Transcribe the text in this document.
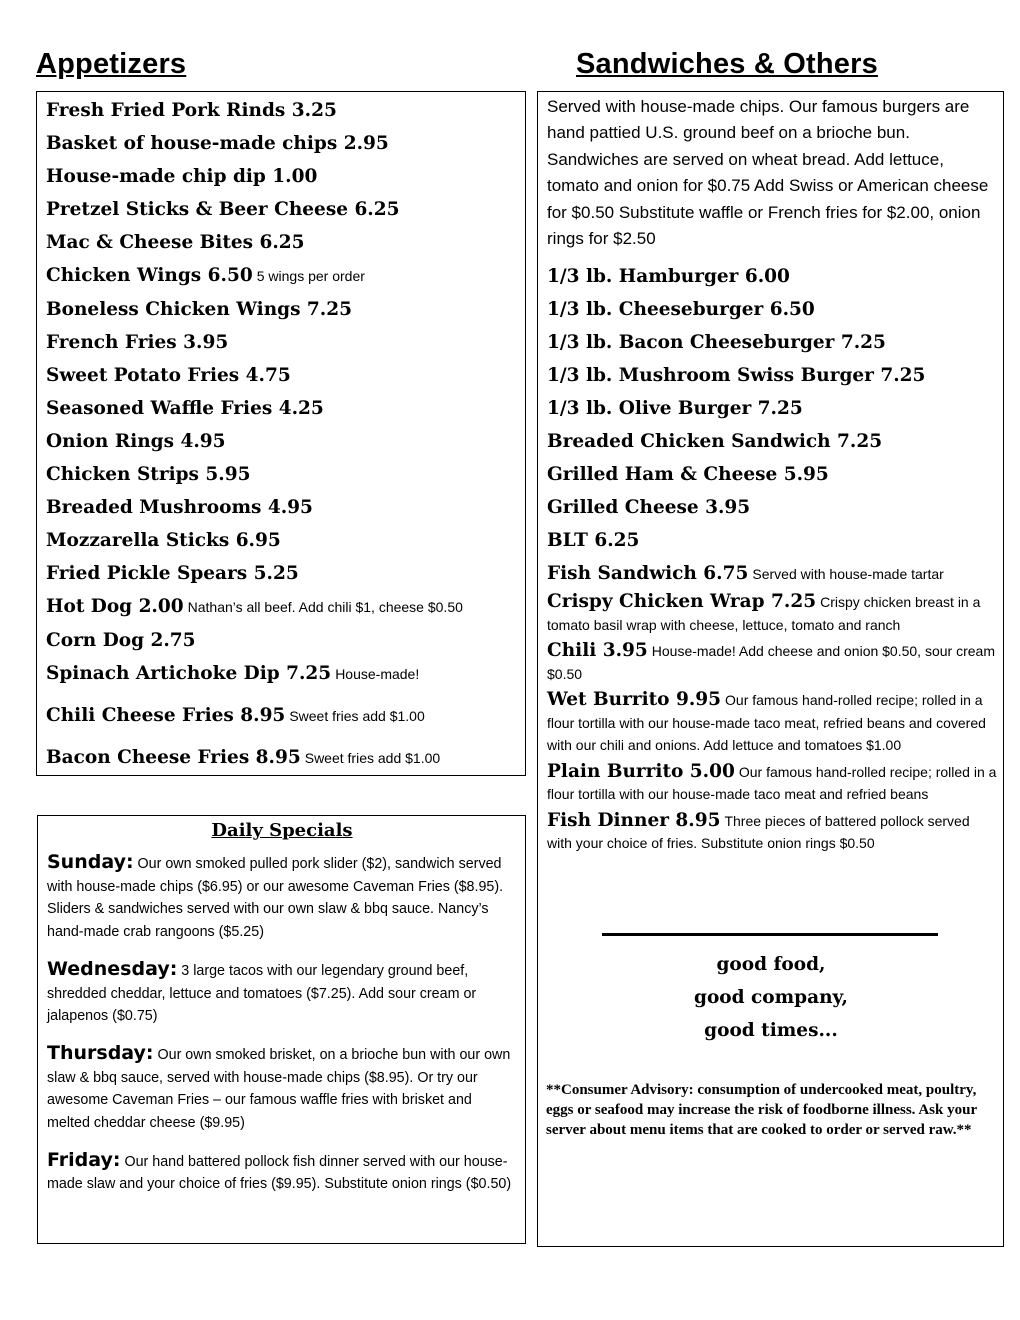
Appetizers	Sandwiches & Others
Fresh Fried Pork Rinds 3.25
Basket of house-made chips 2.95
House-made chip dip 1.00
Pretzel Sticks & Beer Cheese 6.25
Mac & Cheese Bites 6.25
Chicken Wings 6.50 5 wings per order
Boneless Chicken Wings 7.25
French Fries 3.95
Sweet Potato Fries 4.75
Seasoned Waffle Fries 4.25
Onion Rings 4.95
Chicken Strips 5.95
Breaded Mushrooms 4.95
Mozzarella Sticks 6.95
Fried Pickle Spears 5.25
Hot Dog 2.00 Nathan’s all beef. Add chili $1, cheese $0.50
Corn Dog 2.75
Spinach Artichoke Dip 7.25 House-made!
Chili Cheese Fries 8.95 Sweet fries add $1.00
Bacon Cheese Fries 8.95 Sweet fries add $1.00
Daily Specials
Sunday: Our own smoked pulled pork slider ($2), sandwich served with house-made chips ($6.95) or our awesome Caveman Fries ($8.95). Sliders & sandwiches served with our own slaw & bbq sauce. Nancy’s hand-made crab rangoons ($5.25)
Wednesday: 3 large tacos with our legendary ground beef, shredded cheddar, lettuce and tomatoes ($7.25). Add sour cream or jalapenos ($0.75)
Thursday: Our own smoked brisket, on a brioche bun with our own slaw & bbq sauce, served with house-made chips ($8.95). Or try our awesome Caveman Fries – our famous waffle fries with brisket and melted cheddar cheese ($9.95)
Friday: Our hand battered pollock fish dinner served with our house-made slaw and your choice of fries ($9.95). Substitute onion rings ($0.50)

Served with house-made chips. Our famous burgers are hand pattied U.S. ground beef on a brioche bun. Sandwiches are served on wheat bread. Add lettuce, tomato and onion for $0.75 Add Swiss or American cheese for $0.50 Substitute waffle or French fries for $2.00, onion rings for $2.50

1/3 lb. Hamburger 6.00
1/3 lb. Cheeseburger 6.50
1/3 lb. Bacon Cheeseburger 7.25
1/3 lb. Mushroom Swiss Burger 7.25
1/3 lb. Olive Burger 7.25
Breaded Chicken Sandwich 7.25
Grilled Ham & Cheese 5.95
Grilled Cheese 3.95
BLT 6.25
Fish Sandwich 6.75 Served with house-made tartar
Crispy Chicken Wrap 7.25 Crispy chicken breast in a tomato basil wrap with cheese, lettuce, tomato and ranch
Chili 3.95 House-made! Add cheese and onion $0.50, sour cream $0.50
Wet Burrito 9.95 Our famous hand-rolled recipe; rolled in a flour tortilla with our house-made taco meat, refried beans and covered with our chili and onions. Add lettuce and tomatoes $1.00
Plain Burrito 5.00 Our famous hand-rolled recipe; rolled in a flour tortilla with our house-made taco meat and refried beans
Fish Dinner 8.95 Three pieces of battered pollock served with your choice of fries. Substitute onion rings $0.50
good food,
good company,
good times...
**Consumer Advisory: consumption of undercooked meat, poultry, eggs or seafood may increase the risk of foodborne illness. Ask your server about menu items that are cooked to order or served raw.**
